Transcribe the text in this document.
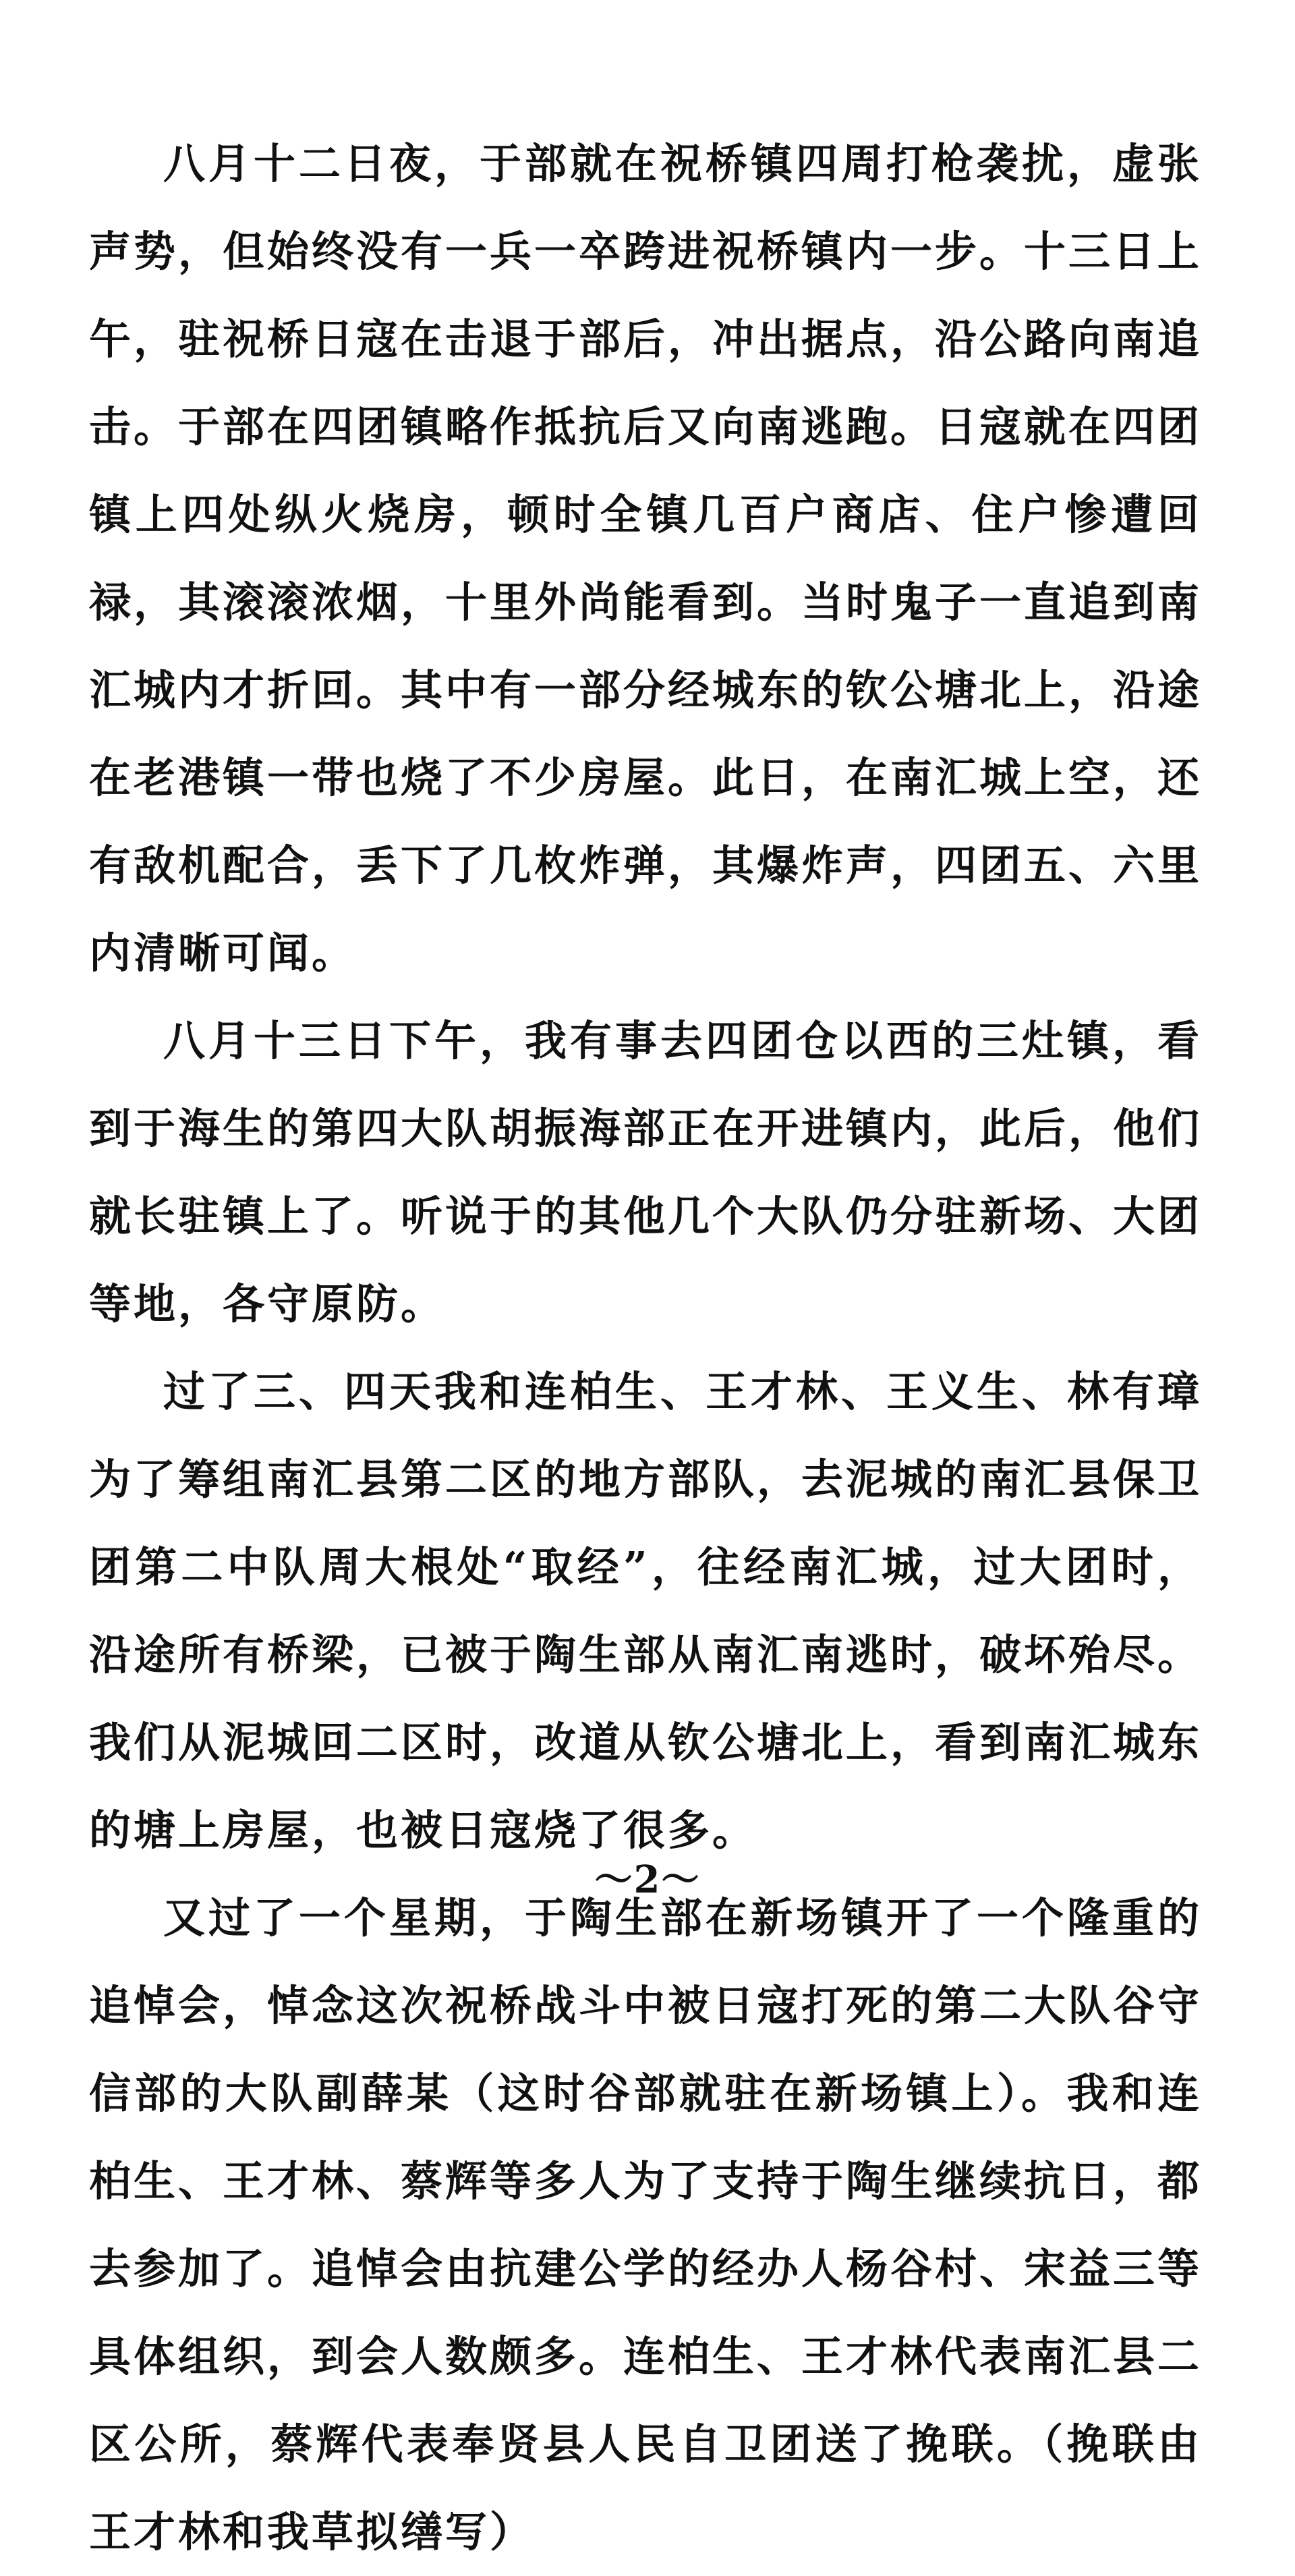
八月十二日夜，于部就在祝桥镇四周打枪袭扰，虚张声势，但始终没有一兵一卒跨进祝桥镇内一步。十三日上午，驻祝桥日寇在击退于部后，冲出据点，沿公路向南追击。于部在四团镇略作抵抗后又向南逃跑。日寇就在四团镇上四处纵火烧房，顿时全镇几百户商店、住户惨遭回禄，其滚滚浓烟，十里外尚能看到。当时鬼子一直追到南汇城内才折回。其中有一部分经城东的钦公塘北上，沿途在老港镇一带也烧了不少房屋。此日，在南汇城上空，还有敌机配合，丢下了几枚炸弹，其爆炸声，四团五、六里内清晰可闻。

八月十三日下午，我有事去四团仓以西的三灶镇，看到于海生的第四大队胡振海部正在开进镇内，此后，他们就长驻镇上了。听说于的其他几个大队仍分驻新场、大团等地，各守原防。

过了三、四天我和连柏生、王才林、王义生、林有璋为了筹组南汇县第二区的地方部队，去泥城的南汇县保卫团第二中队周大根处“取经”，往经南汇城，过大团时，沿途所有桥梁，已被于陶生部从南汇南逃时，破坏殆尽。我们从泥城回二区时，改道从钦公塘北上，看到南汇城东的塘上房屋，也被日寇烧了很多。

又过了一个星期，于陶生部在新场镇开了一个隆重的追悼会，悼念这次祝桥战斗中被日寇打死的第二大队谷守信部的大队副薛某（这时谷部就驻在新场镇上）。我和连柏生、王才林、蔡辉等多人为了支持于陶生继续抗日，都去参加了。追悼会由抗建公学的经办人杨谷村、宋益三等具体组织，到会人数颇多。连柏生、王才林代表南汇县二区公所，蔡辉代表奉贤县人民自卫团送了挽联。（挽联由王才林和我草拟缮写）

～2～
